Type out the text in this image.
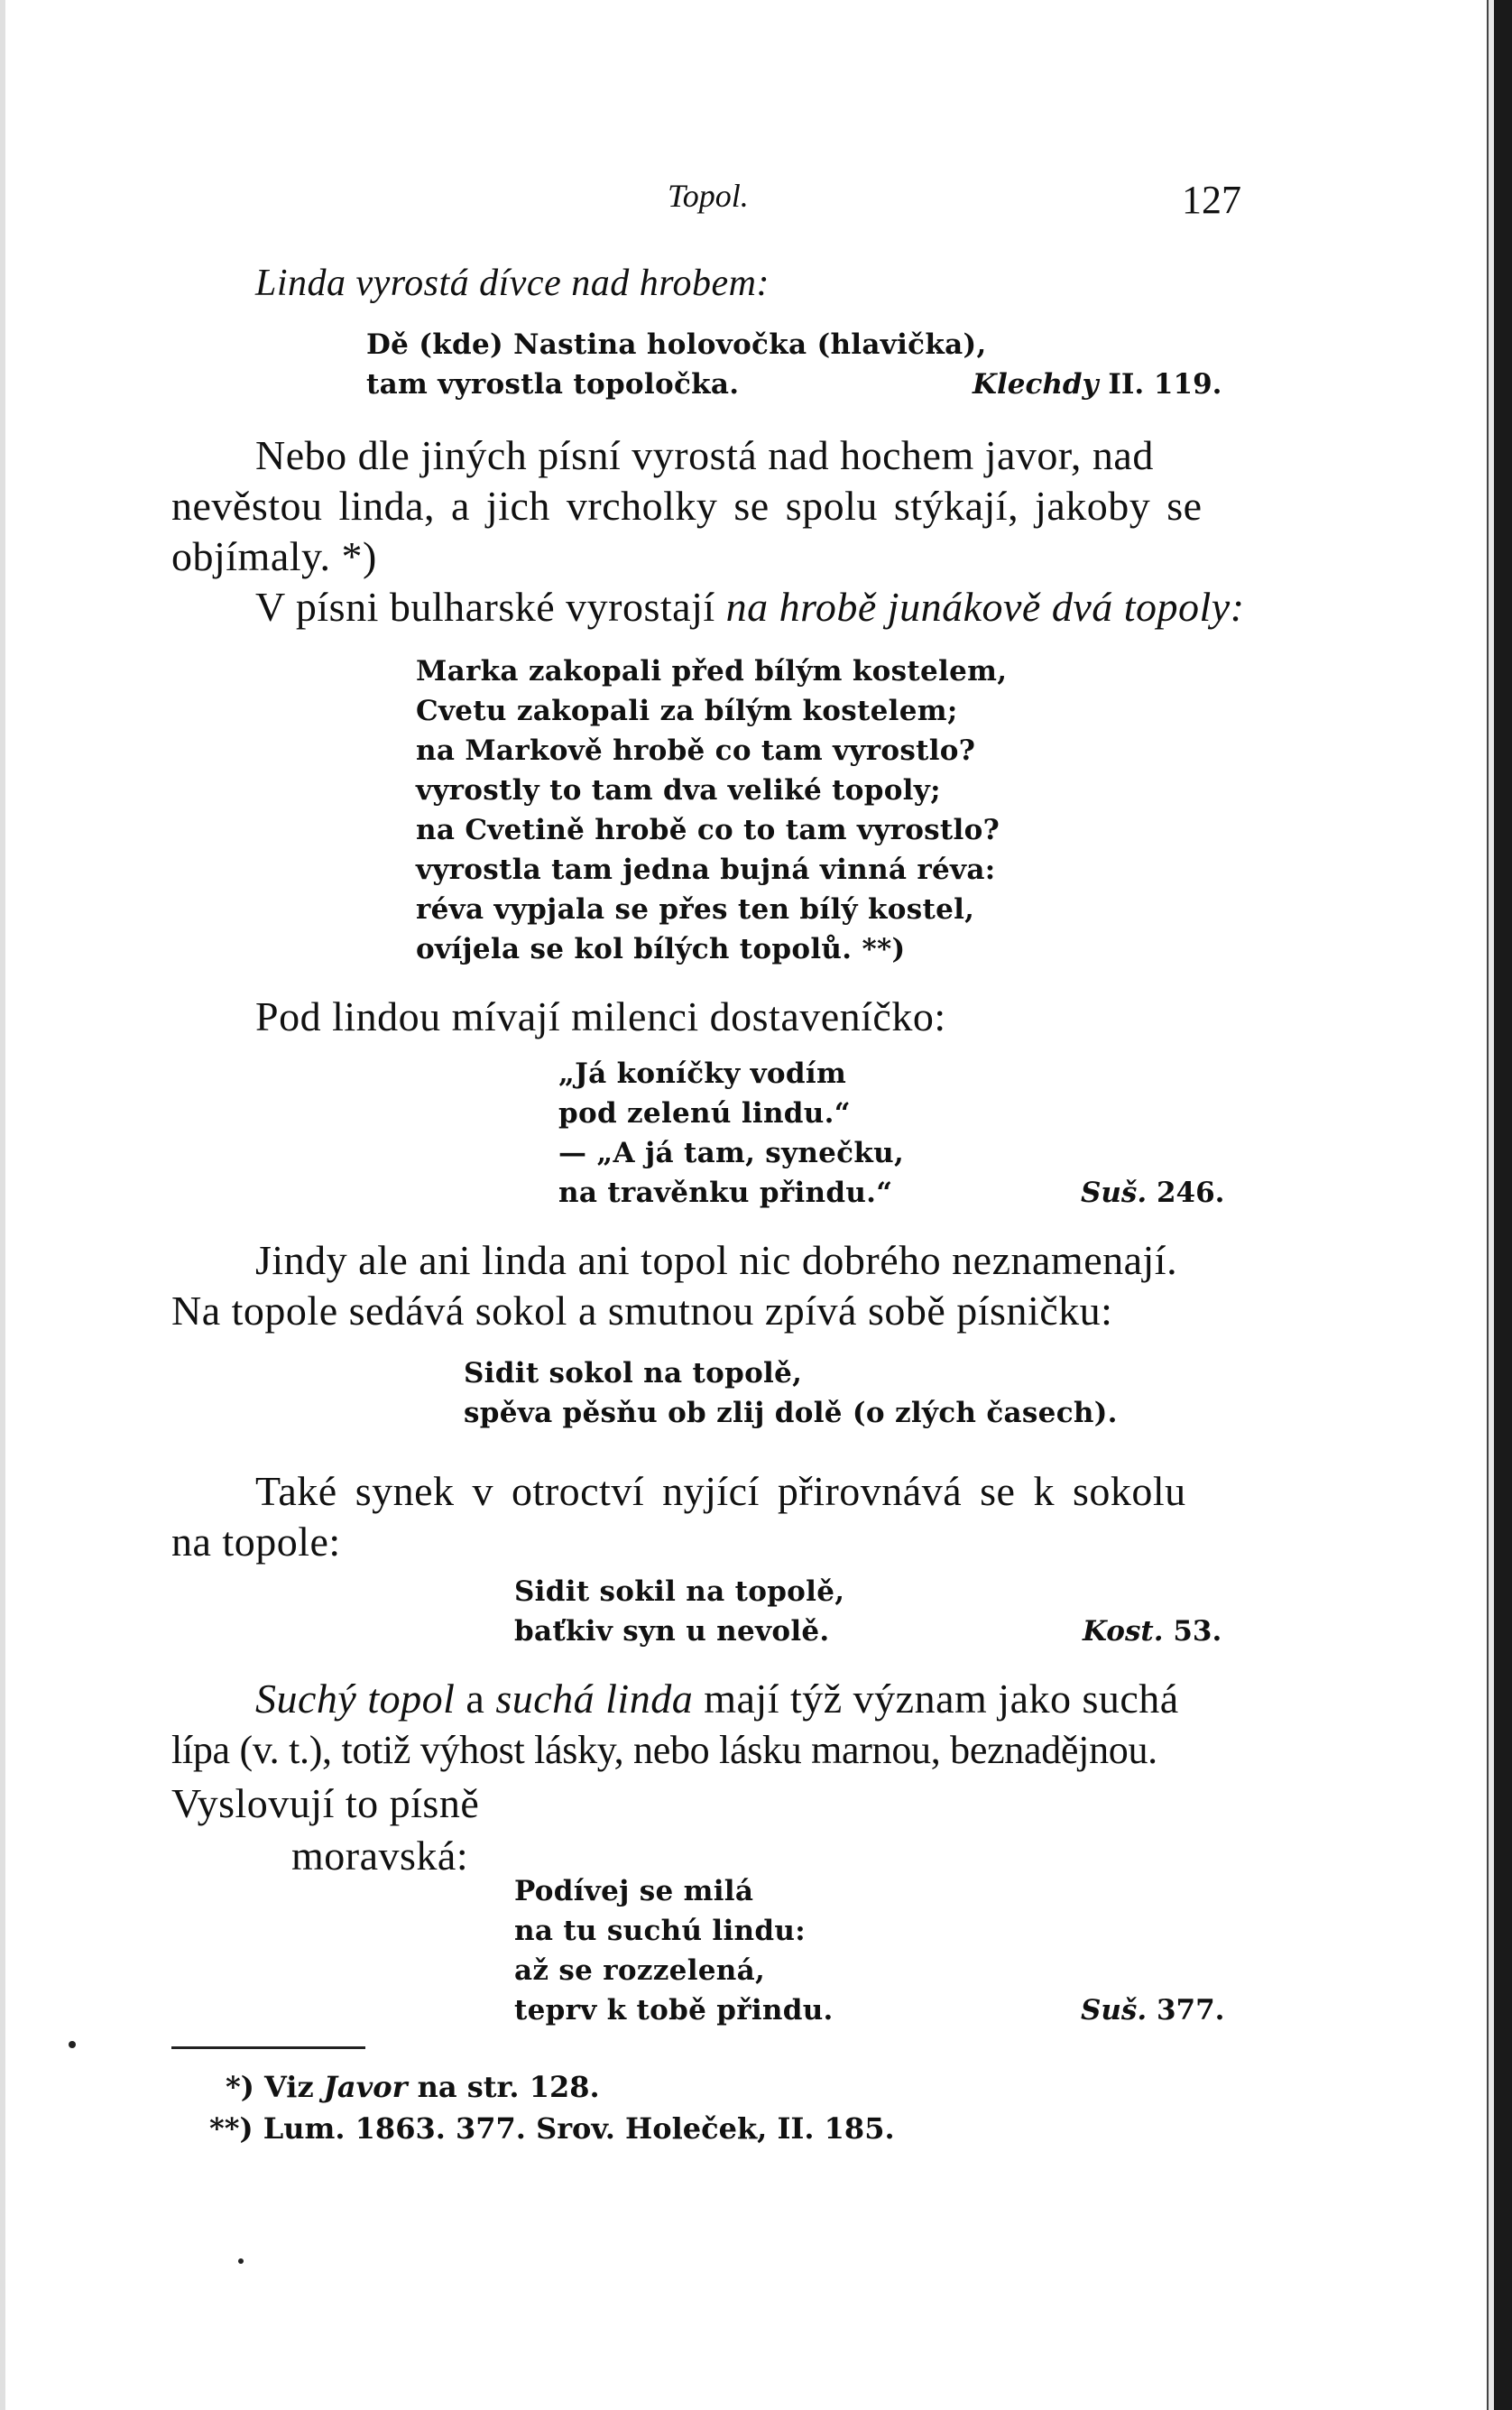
Topol.	127
Linda vyrostá dívce nad hrobem:
Dě (kde) Nastina holovočka (hlavička),
tam vyrostla topoločka.	Klechdy II. 119.
Nebo dle jiných písní vyrostá nad hochem javor, nad
nevěstou linda, a jich vrcholky se spolu stýkají, jakoby se
objímaly. *)
V písni bulharské vyrostají na hrobě junákově dvá topoly:
Marka zakopali před bílým kostelem,
Cvetu zakopali za bílým kostelem;
na Markově hrobě co tam vyrostlo?
vyrostly to tam dva veliké topoly;
na Cvetině hrobě co to tam vyrostlo?
vyrostla tam jedna bujná vinná réva:
réva vypjala se přes ten bílý kostel,
ovíjela se kol bílých topolů. **)
Pod lindou mívají milenci dostaveníčko:
„Já koníčky vodím
pod zelenú lindu.“
— „A já tam, synečku,
na travěnku přindu.“	Suš. 246.
Jindy ale ani linda ani topol nic dobrého neznamenají.
Na topole sedává sokol a smutnou zpívá sobě písničku:
Sidit sokol na topolě,
spěva pěsňu ob zlij dolě (o zlých časech).
Také synek v otroctví nyjící přirovnává se k sokolu
na topole:
Sidit sokil na topolě,
baťkiv syn u nevolě.	Kost. 53.
Suchý topol a suchá linda mají týž význam jako suchá
lípa (v. t.), totiž výhost lásky, nebo lásku marnou, beznadějnou.
Vyslovují to písně
moravská:
Podívej se milá
na tu suchú lindu:
až se rozzelená,
teprv k tobě přindu.	Suš. 377.
*) Viz Javor na str. 128.
**) Lum. 1863. 377. Srov. Holeček, II. 185.
